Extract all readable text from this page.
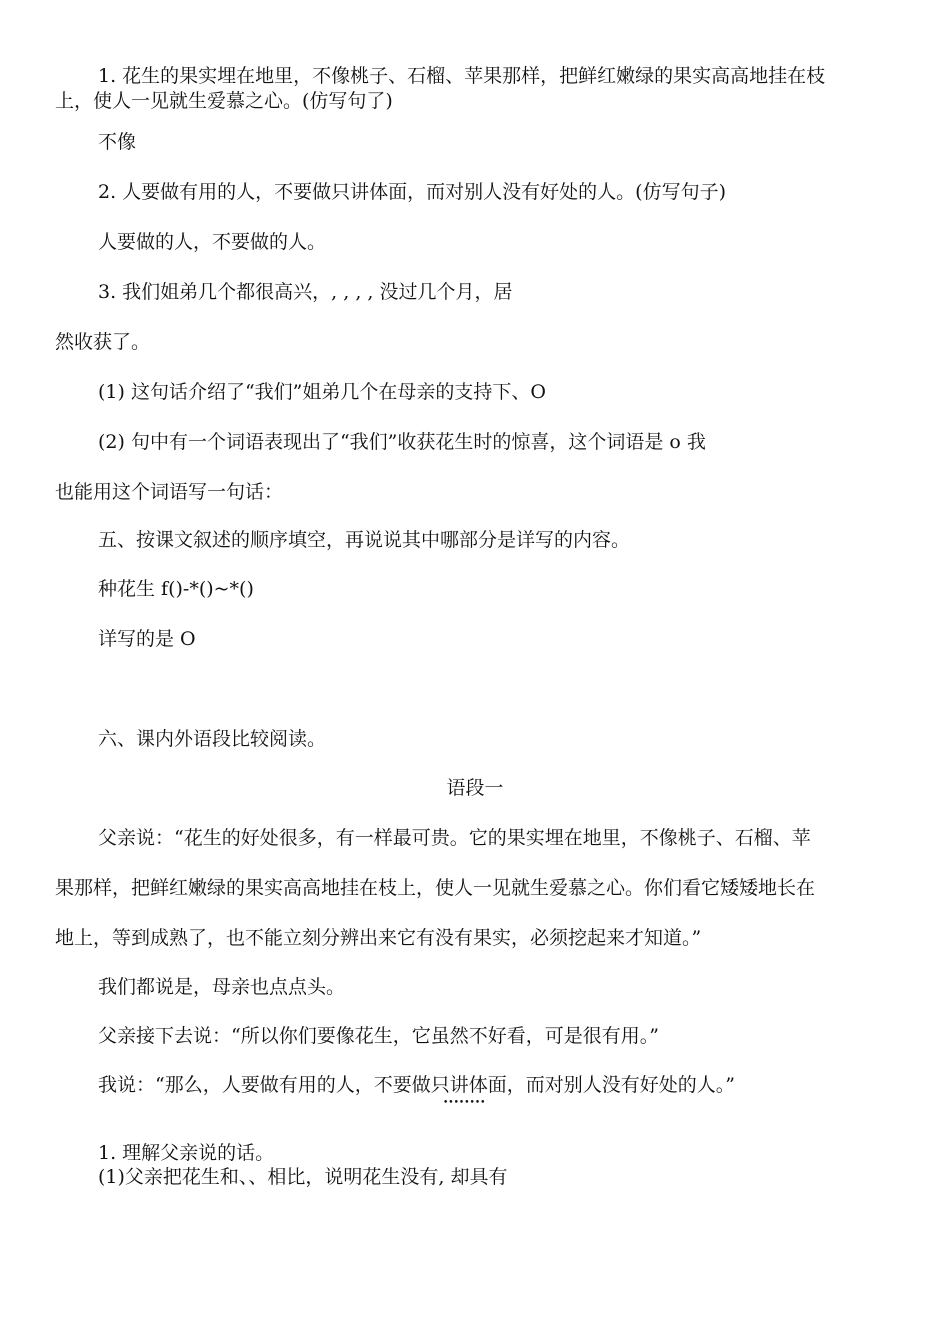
1. 花生的果实埋在地里，不像桃子、石榴、苹果那样，把鲜红嫩绿的果实高高地挂在枝
上，使人一见就生爱慕之心。(仿写句了)
不像
2. 人要做有用的人，不要做只讲体面，而对别人没有好处的人。(仿写句子)
人要做的人，不要做的人。
3. 我们姐弟几个都很高兴，, , , , 没过几个月，居
然收获了。
(1) 这句话介绍了“我们”姐弟几个在母亲的支持下、O
(2) 句中有一个词语表现出了“我们”收获花生时的惊喜，这个词语是 o 我
也能用这个词语写一句话：
五、按课文叙述的顺序填空，再说说其中哪部分是详写的内容。
种花生 f()-*()~*()
详写的是 O
六、课内外语段比较阅读。
语段一
父亲说：“花生的好处很多，有一样最可贵。它的果实埋在地里，不像桃子、石榴、苹
果那样，把鲜红嫩绿的果实高高地挂在枝上，使人一见就生爱慕之心。你们看它矮矮地长在
地上，等到成熟了，也不能立刻分辨出来它有没有果实，必须挖起来才知道。”
我们都说是，母亲也点点头。
父亲接下去说：“所以你们要像花生，它虽然不好看，可是很有用。”
我说：“那么，人要做有用的人，不要做只讲体面，而对别人没有好处的人。”
••••••••
1. 理解父亲说的话。
(1)父亲把花生和、、相比，说明花生没有, 却具有
